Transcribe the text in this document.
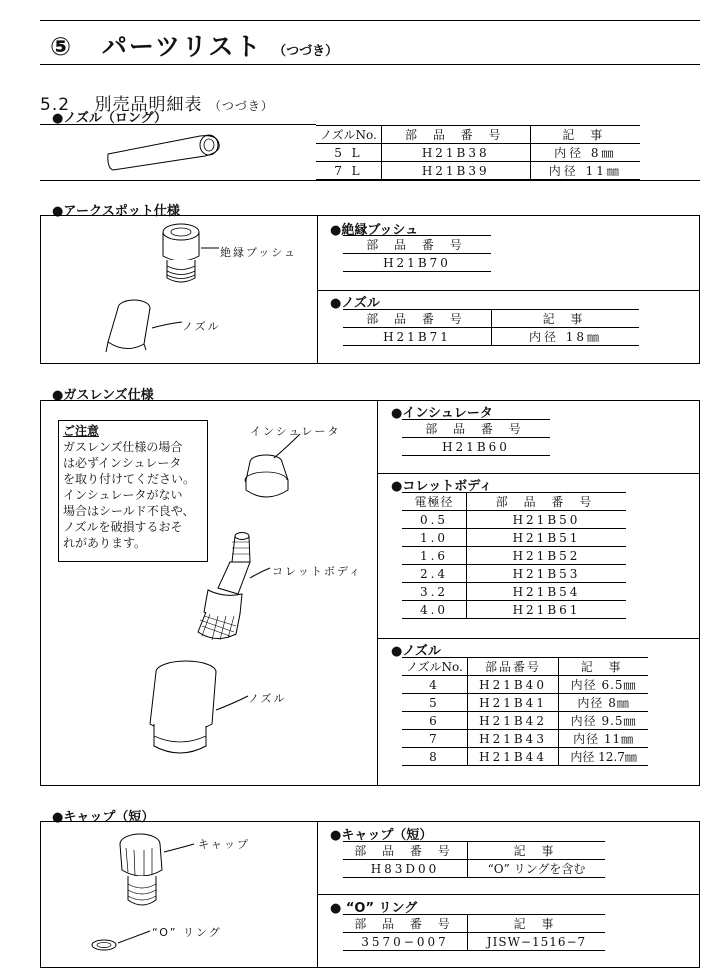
⑤ パーツリスト （つづき）
5.2 別売品明細表 （つづき）
●ノズル（ロング）
ノズルNo.	部 品 番 号	記 事
5 L	H21B38	内径 8㎜
7 L	H21B39	内径 11㎜
●アークスポット仕様
絶縁ブッシュ
ノズル
●絶縁ブッシュ
部 品 番 号
H21B70
●ノズル
部 品 番 号	記 事
H21B71	内径 18㎜
●ガスレンズ仕様
ご注意
ガスレンズ仕様の場合
は必ずインシュレータ
を取り付けてください。
インシュレータがない
場合はシールド不良や、
ノズルを破損するおそ
れがあります。
インシュレータ
コレットボディ
ノズル
●インシュレータ
部 品 番 号
H21B60
●コレットボディ
電極径	部 品 番 号
0.5	H21B50
1.0	H21B51
1.6	H21B52
2.4	H21B53
3.2	H21B54
4.0	H21B61
●ノズル
ノズルNo.	部品番号	記 事
4	H21B40	内径 6.5㎜
5	H21B41	内径 8㎜
6	H21B42	内径 9.5㎜
7	H21B43	内径 11㎜
8	H21B44	内径 12.7㎜
●キャップ（短）
キャップ
“O” リング
●キャップ（短）
部 品 番 号	記 事
H83D00	“O” リングを含む
● “O” リング
部 品 番 号	記 事
3570−007	JISW−1516−7
